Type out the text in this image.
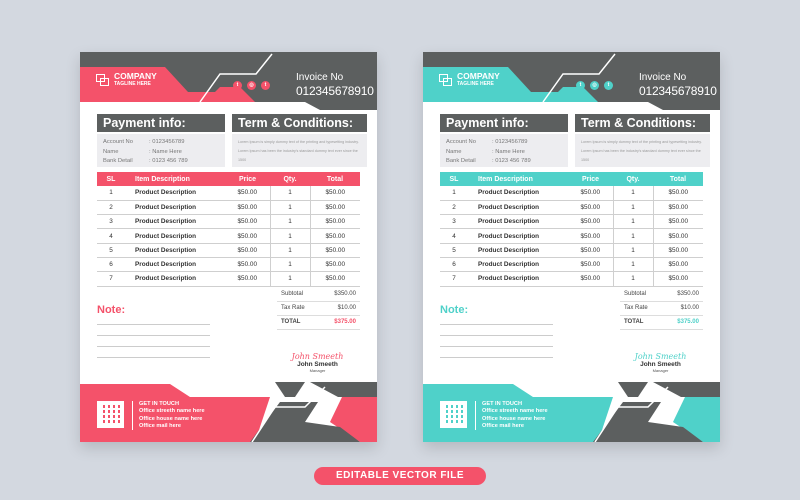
COMPANY
TAGLINE HERE	t	◎	t
Invoice No
012345678910
Payment info:
Account No	: 0123456789
Name	: Name Here
Bank Detail	: 0123 456 789
Term & Conditions:
Lorem Ipsum is simply dummy text of the printing and typesetting industry. Lorem Ipsum has been the industry's standard dummy text ever since the 1500
SL	Item Description	Price	Qty.	Total
1	Product Description	$50.00	1	$50.00
2	Product Description	$50.00	1	$50.00
3	Product Description	$50.00	1	$50.00
4	Product Description	$50.00	1	$50.00
5	Product Description	$50.00	1	$50.00
6	Product Description	$50.00	1	$50.00
7	Product Description	$50.00	1	$50.00
Subtotal	$350.00
Tax Rate	$10.00
TOTAL	$375.00
Note:
John Smeeth
John Smeeth
Manager
GET IN TOUCH
Office streeth name here
Office house name here
Office mail here
COMPANY
TAGLINE HERE	t	◎	t
Invoice No
012345678910
Payment info:
Account No	: 0123456789
Name	: Name Here
Bank Detail	: 0123 456 789
Term & Conditions:
Lorem Ipsum is simply dummy text of the printing and typesetting industry. Lorem Ipsum has been the industry's standard dummy text ever since the 1500
SL	Item Description	Price	Qty.	Total
1	Product Description	$50.00	1	$50.00
2	Product Description	$50.00	1	$50.00
3	Product Description	$50.00	1	$50.00
4	Product Description	$50.00	1	$50.00
5	Product Description	$50.00	1	$50.00
6	Product Description	$50.00	1	$50.00
7	Product Description	$50.00	1	$50.00
Subtotal	$350.00
Tax Rate	$10.00
TOTAL	$375.00
Note:
John Smeeth
John Smeeth
Manager
GET IN TOUCH
Office streeth name here
Office house name here
Office mail here
EDITABLE VECTOR FILE
